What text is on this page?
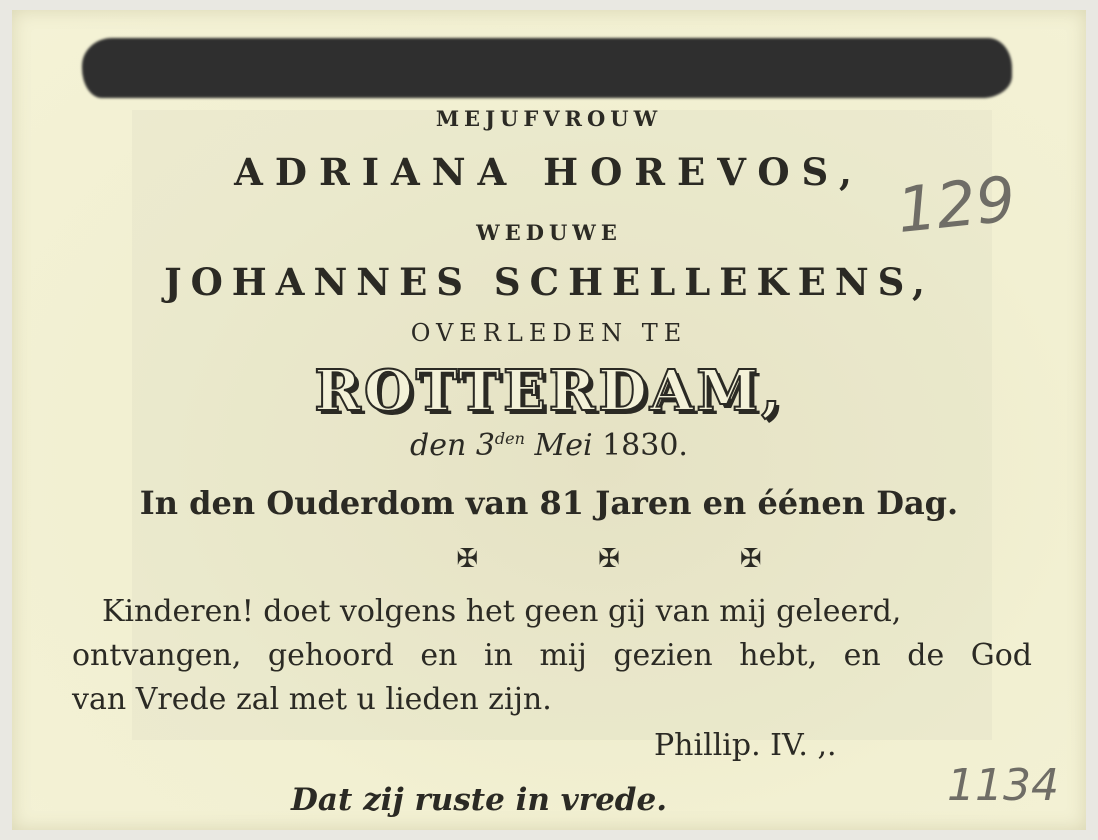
MEJUFVROUW
ADRIANA HOREVOS,
WEDUWE
JOHANNES SCHELLEKENS,
OVERLEDEN TE
ROTTERDAM,
den $3^{den}$ Mei 1830.
In den Ouderdom van 81 Jaren en éénen Dag.
✠✠✠
Kinderen! doet volgens het geen gij van mij geleerd,
ontvangen, gehoord en in mij gezien hebt, en de God
van Vrede zal met u lieden zijn.
Phillip. IV. ,.
Dat zij ruste in vrede.
129
1134
